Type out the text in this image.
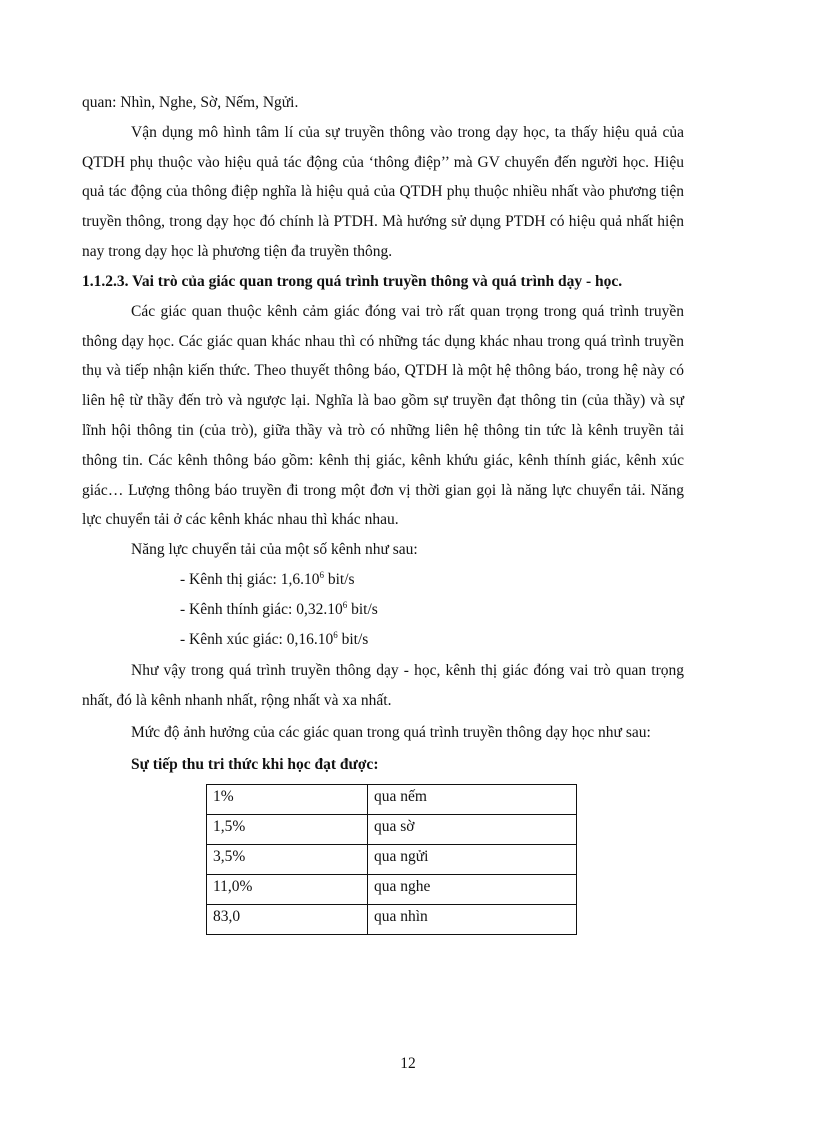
quan: Nhìn, Nghe, Sờ, Nếm, Ngửi.

Vận dụng mô hình tâm lí của sự truyền thông vào trong dạy học, ta thấy hiệu quả của QTDH phụ thuộc vào hiệu quả tác động của ‘thông điệp’’ mà GV chuyển đến người học. Hiệu quả tác động của thông điệp nghĩa là hiệu quả của QTDH phụ thuộc nhiều nhất vào phương tiện truyền thông, trong dạy học đó chính là PTDH. Mà hướng sử dụng PTDH có hiệu quả nhất hiện nay trong dạy học là phương tiện đa truyền thông.

1.1.2.3. Vai trò của giác quan trong quá trình truyền thông và quá trình dạy - học.

Các giác quan thuộc kênh cảm giác đóng vai trò rất quan trọng trong quá trình truyền thông dạy học. Các giác quan khác nhau thì có những tác dụng khác nhau trong quá trình truyền thụ và tiếp nhận kiến thức. Theo thuyết thông báo, QTDH là một hệ thông báo, trong hệ này có liên hệ từ thầy đến trò và ngược lại. Nghĩa là bao gồm sự truyền đạt thông tin (của thầy) và sự lĩnh hội thông tin (của trò), giữa thầy và trò có những liên hệ thông tin tức là kênh truyền tải thông tin. Các kênh thông báo gồm: kênh thị giác, kênh khứu giác, kênh thính giác, kênh xúc giác… Lượng thông báo truyền đi trong một đơn vị thời gian gọi là năng lực chuyển tải. Năng lực chuyển tải ở các kênh khác nhau thì khác nhau.

Năng lực chuyển tải của một số kênh như sau:

- Kênh thị giác: 1,6.10$^6$ bit/s

- Kênh thính giác: 0,32.10$^6$ bit/s

- Kênh xúc giác: 0,16.10$^6$ bit/s

Như vậy trong quá trình truyền thông dạy - học, kênh thị giác đóng vai trò quan trọng nhất, đó là kênh nhanh nhất, rộng nhất và xa nhất.

Mức độ ảnh hưởng của các giác quan trong quá trình truyền thông dạy học như sau:

Sự tiếp thu tri thức khi học đạt được:

1%	qua nếm
1,5%	qua sờ
3,5%	qua ngửi
11,0%	qua nghe
83,0	qua nhìn
12
